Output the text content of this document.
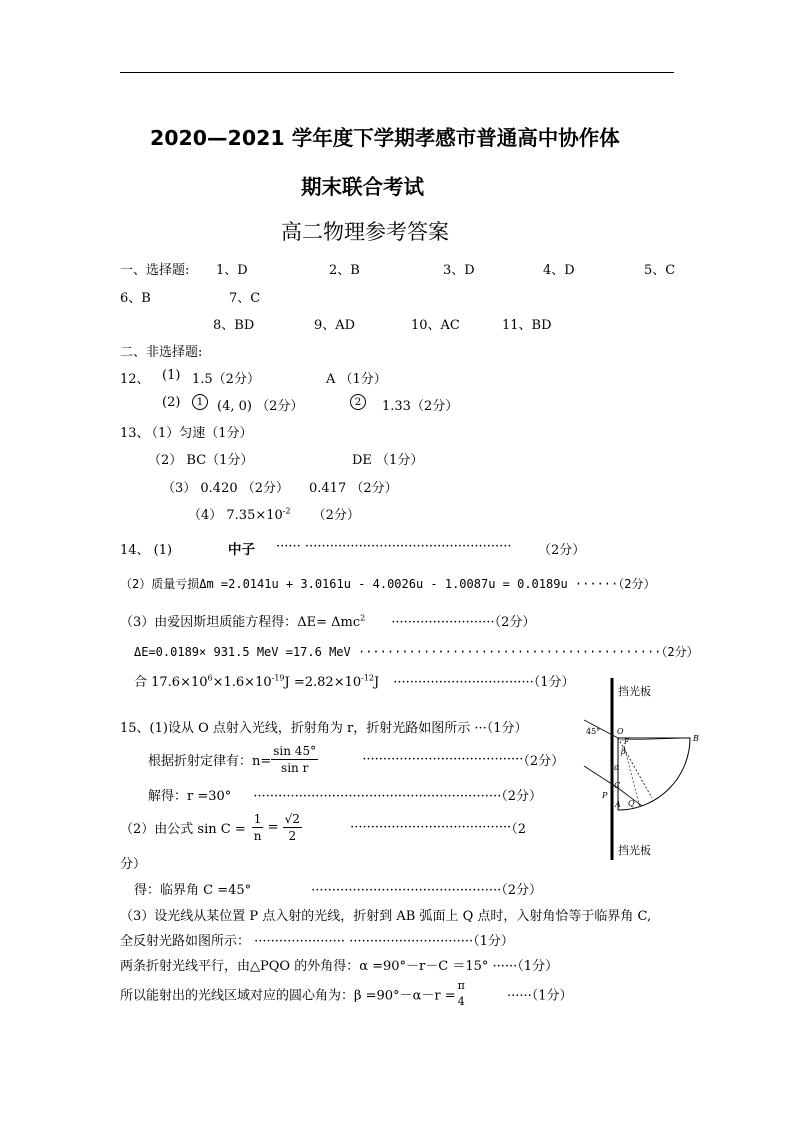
2020—2021 学年度下学期孝感市普通高中协作体
期末联合考试
高二物理参考答案
一、选择题: 1、D	2、B	3、D	4、D	5、C
6、B	7、C
8、BD	9、AD	10、AC	11、BD
二、非选择题:
12、 (1) 1.5（2分）	A （1分）
(2)	1	(4, 0) （2分）	2	1.33（2分）
13、
（1）匀速（1分）
（2） BC（1分）	DE （1分）
（3） 0.420 （2分） 0.417 （2分）
（4） $7.35\times 10^{-2}$ （2分）
14、 (1)	中子 ······ ·················································· （2分）
（2）质量亏损Δm =2.0141u + 3.0161u - 4.0026u - 1.0087u = 0.0189u ······（2分）
（3）由爱因斯坦质能方程得：ΔE= Δmc$^2$ ·························（2分）
ΔE=0.0189× 931.5 MeV =17.6 MeV ··········································（2分）
合 $17.6\times 10^6\times 1.6\times 10^{-19}J =2.82\times 10^{-12}J \cdot\cdot\cdot\cdot\cdot\cdot\cdot\cdot\cdot\cdot\cdot\cdot\cdot\cdot\cdot\cdot\cdot\cdot\cdot\cdot\cdot\cdot\cdot\cdot\cdot\cdot\cdot\cdot\cdot\cdot\cdot\cdot\cdot\cdot(1$分）
15、(1)设从 O 点射入光线，折射角为 r，折射光路如图所示 ···（1分）
根据折射定律有：$n= \frac{\sin 45^\circ}{\text{sin r}}$	·······································（2分）
解得：r =30° ····························································（2分）
（2）由公式 $\sin C = \frac{1}{n} = \frac{√2}{2}$	·······································（2
分）
得：临界角 C =45°	··············································（2分）
（3）设光线从某位置 P 点入射的光线，折射到 AB 弧面上 Q 点时，入射角恰等于临界角 C,
全反射光路如图所示： ······················ ······························（1分）
两条折射光线平行，由△PQO 的外角得：α =90°－r－C ＝15° ······（1分）
所以能射出的光线区域对应的圆心角为：β =90°－α－r =
π
4	······（1分）
45° O
F
β
α
B
C
P
A Q
挡光板
挡光板
